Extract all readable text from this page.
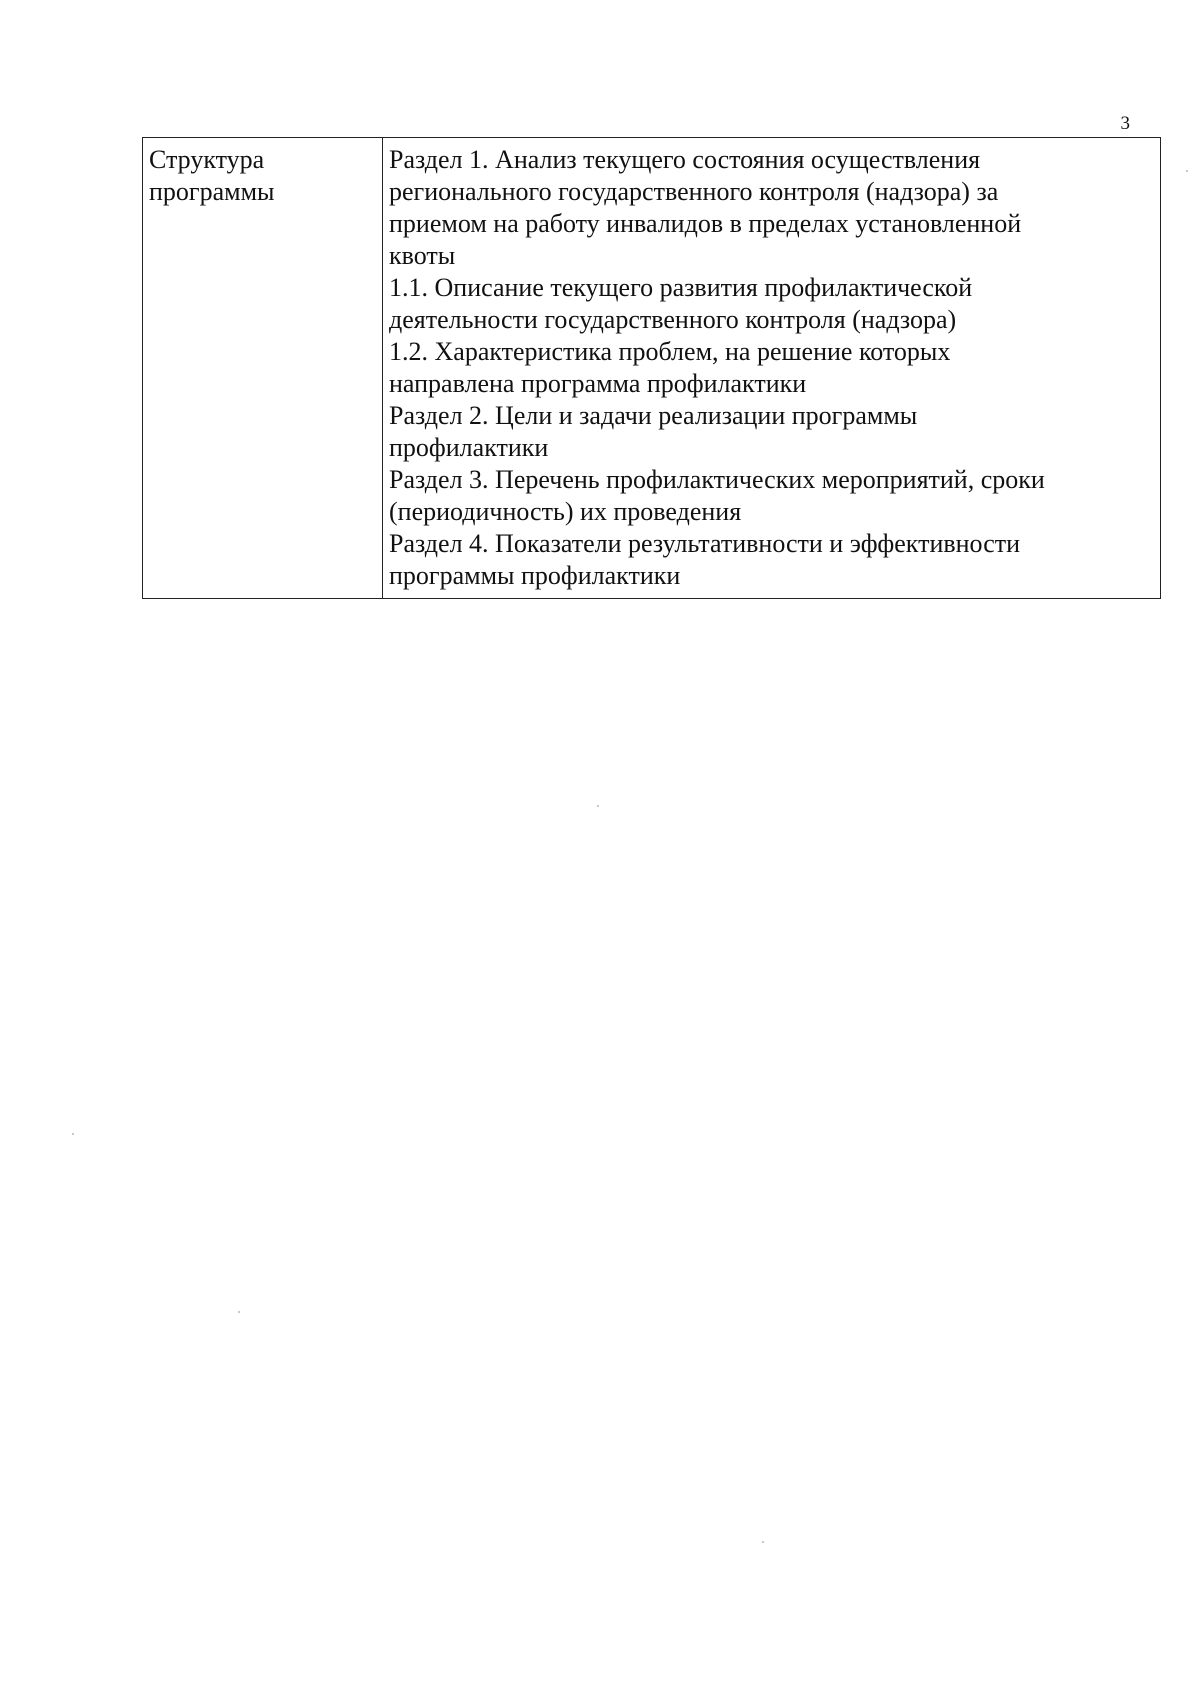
3
Структура
программы

Раздел 1. Анализ текущего состояния осуществления
регионального государственного контроля (надзора) за
приемом на работу инвалидов в пределах установленной
квоты
1.1. Описание текущего развития профилактической
деятельности государственного контроля (надзора)
1.2. Характеристика проблем, на решение которых
направлена программа профилактики
Раздел 2. Цели и задачи реализации программы
профилактики
Раздел 3. Перечень профилактических мероприятий, сроки
(периодичность) их проведения
Раздел 4. Показатели результативности и эффективности
программы профилактики
